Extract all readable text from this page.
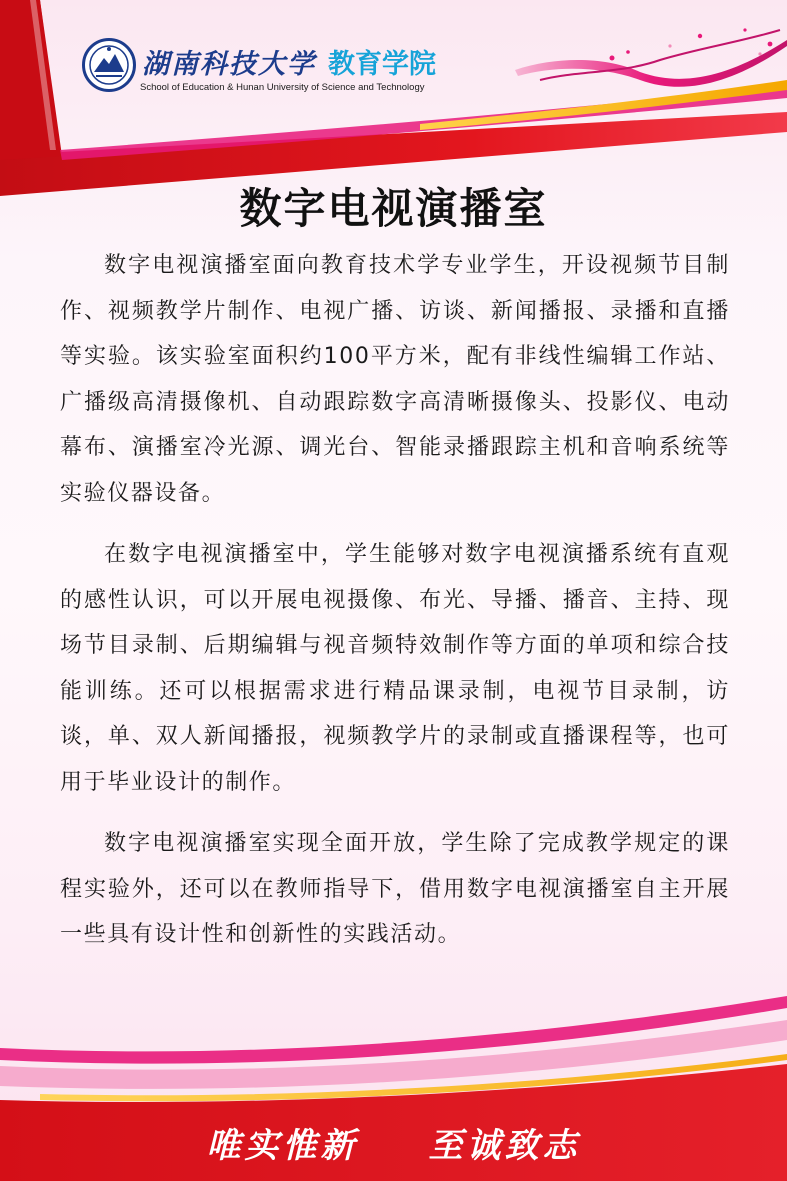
湖南科技大学 教育学院
School of Education & Hunan University of Science and Technology
数字电视演播室

数字电视演播室面向教育技术学专业学生，开设视频节目制作、视频教学片制作、电视广播、访谈、新闻播报、录播和直播等实验。该实验室面积约100平方米，配有非线性编辑工作站、广播级高清摄像机、自动跟踪数字高清晰摄像头、投影仪、电动幕布、演播室冷光源、调光台、智能录播跟踪主机和音响系统等实验仪器设备。

在数字电视演播室中，学生能够对数字电视演播系统有直观的感性认识，可以开展电视摄像、布光、导播、播音、主持、现场节目录制、后期编辑与视音频特效制作等方面的单项和综合技能训练。还可以根据需求进行精品课录制，电视节目录制，访谈，单、双人新闻播报，视频教学片的录制或直播课程等，也可用于毕业设计的制作。

数字电视演播室实现全面开放，学生除了完成教学规定的课程实验外，还可以在教师指导下，借用数字电视演播室自主开展一些具有设计性和创新性的实践活动。

唯实惟新 至诚致志
